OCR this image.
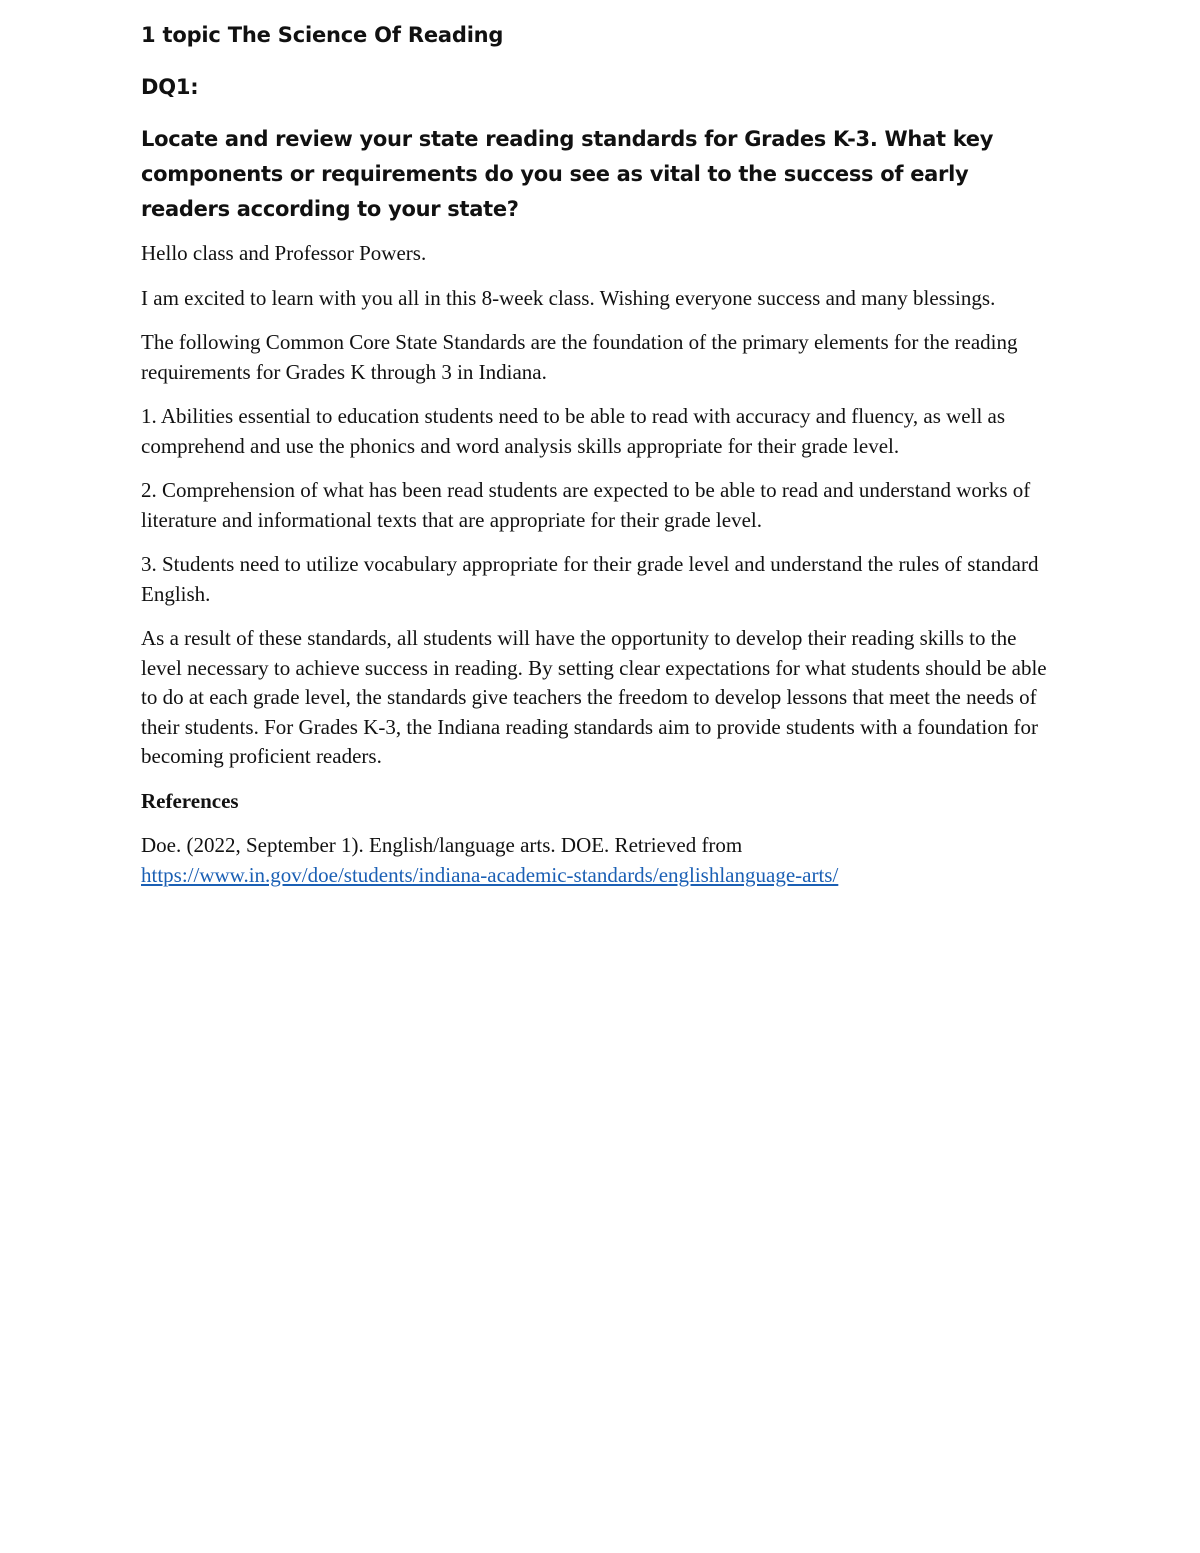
1 topic The Science Of Reading
DQ1:
Locate and review your state reading standards for Grades K-3. What key components or requirements do you see as vital to the success of early readers according to your state?

Hello class and Professor Powers.

I am excited to learn with you all in this 8-week class. Wishing everyone success and many blessings.

The following Common Core State Standards are the foundation of the primary elements for the reading requirements for Grades K through 3 in Indiana.

1. Abilities essential to education students need to be able to read with accuracy and fluency, as well as comprehend and use the phonics and word analysis skills appropriate for their grade level.

2. Comprehension of what has been read students are expected to be able to read and understand works of literature and informational texts that are appropriate for their grade level.

3. Students need to utilize vocabulary appropriate for their grade level and understand the rules of standard English.

As a result of these standards, all students will have the opportunity to develop their reading skills to the level necessary to achieve success in reading. By setting clear expectations for what students should be able to do at each grade level, the standards give teachers the freedom to develop lessons that meet the needs of their students. For Grades K-3, the Indiana reading standards aim to provide students with a foundation for becoming proficient readers.

References
Doe. (2022, September 1). English/language arts. DOE. Retrieved from
https://www.in.gov/doe/students/indiana-academic-standards/englishlanguage-arts/
